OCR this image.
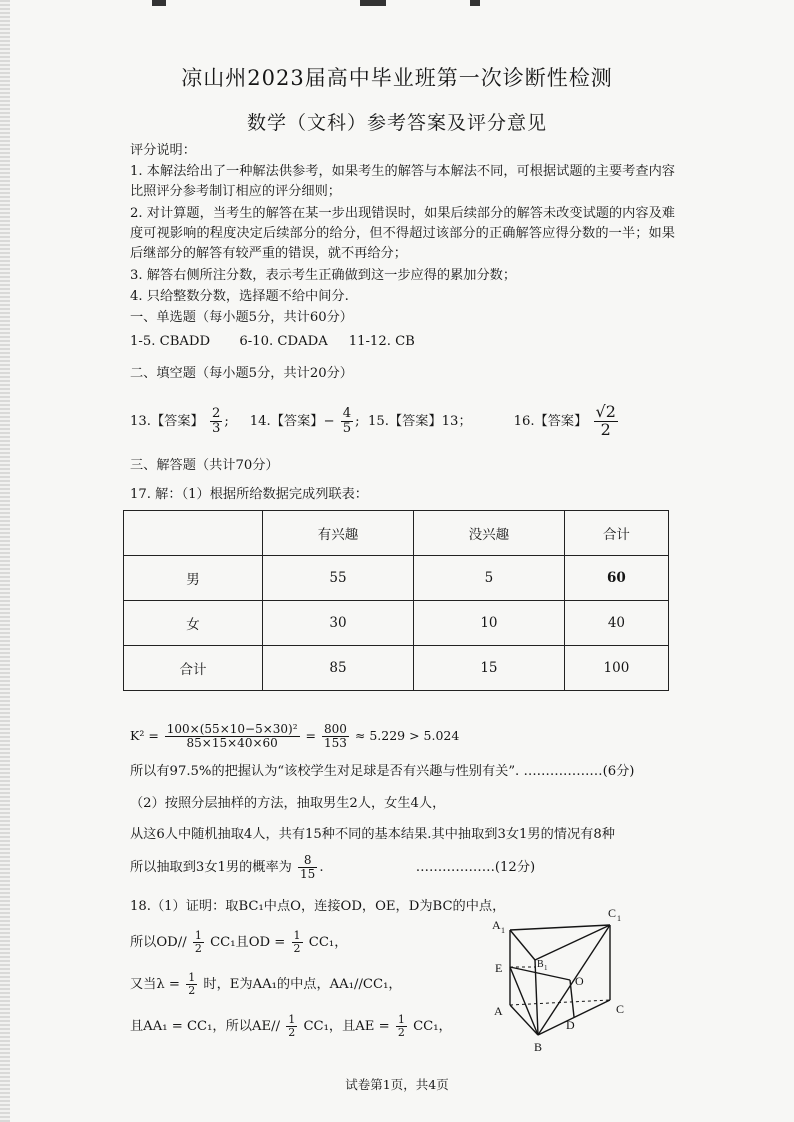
凉山州2023届高中毕业班第一次诊断性检测
数学（文科）参考答案及评分意见
评分说明：
1. 本解法给出了一种解法供参考，如果考生的解答与本解法不同，可根据试题的主要考查内容比照评分参考制订相应的评分细则；
2. 对计算题，当考生的解答在某一步出现错误时，如果后续部分的解答未改变试题的内容及难度可视影响的程度决定后续部分的给分，但不得超过该部分的正确解答应得分数的一半；如果后继部分的解答有较严重的错误，就不再给分；
3. 解答右侧所注分数，表示考生正确做到这一步应得的累加分数；
4. 只给整数分数，选择题不给中间分.
一、单选题（每小题5分，共计60分）
1-5. CBADD 6-10. CDADA 11-12. CB
二、填空题（每小题5分，共计20分）
13.【答案】 $\frac{2}{3}$ ;     14.【答案】− $\frac{4}{5}$ ;  15.【答案】13；	16.【答案】 $\frac{√2}{2}$
三、解答题（共计70分）
17. 解：（1）根据所给数据完成列联表：
	有兴趣	没兴趣	合计
男	55	5	60
女	30	10	40
合计	85	15	100
$K^2 = \frac{\text{100×(55×10−5×30)²}}{85\times 15\times 40\times 60} = \frac{800}{153} \approx 5.229 > 5.024$
所以有97.5%的把握认为“该校学生对足球是否有兴趣与性别有关”. ………………(6分)
（2）按照分层抽样的方法，抽取男生2人，女生4人，
从这6人中随机抽取4人，共有15种不同的基本结果.其中抽取到3女1男的情况有8种
所以抽取到3女1男的概率为 $\frac{8}{15}$ .	………………(12分)
18.（1）证明：取BC₁中点O，连接OD，OE，D为BC的中点，
所以$OD// \frac{1}{2} CC_1$且OD = $\frac{1}{2} CC_1$，
又当$\lambda = \frac{1}{2}$ 时，E为AA₁的中点，AA₁//CC₁，
且AA₁ = CC₁，所以$AE// \frac{1}{2} CC_1$，且AE = $\frac{1}{2} CC_1$，
A 1
C 1
B 1
E
O
A	C
D
B
试卷第1页，共4页
